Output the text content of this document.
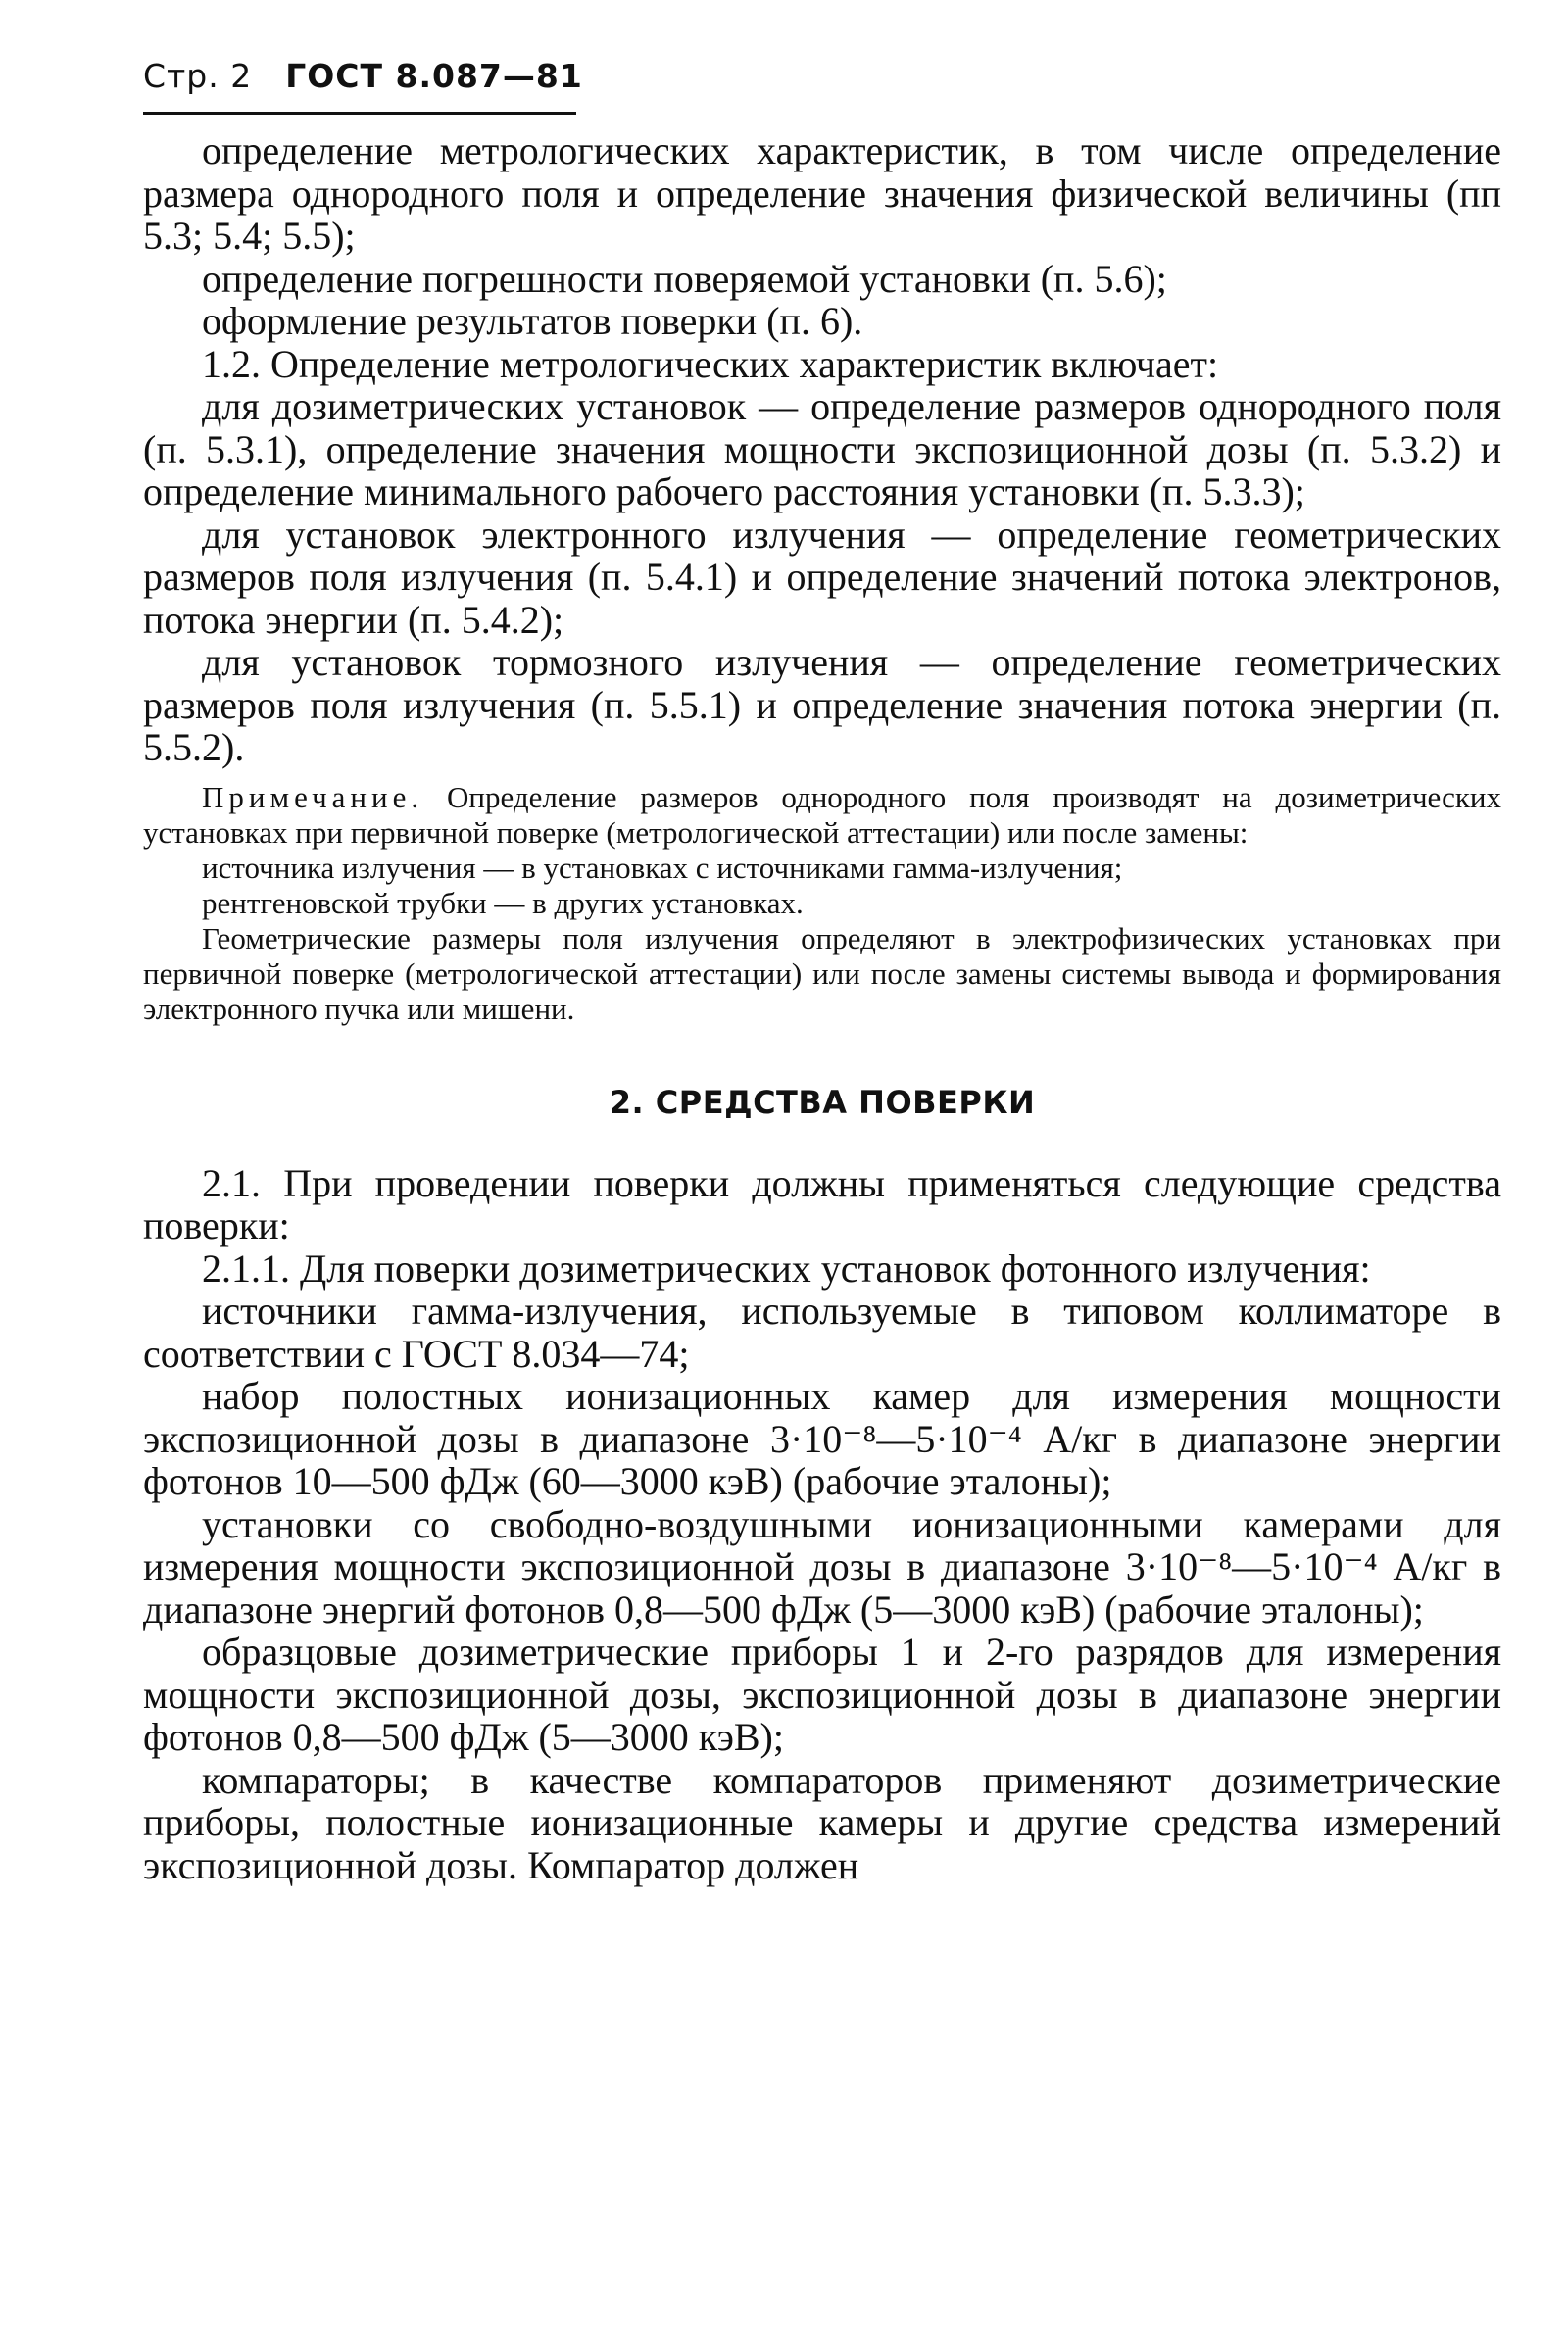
Стр. 2 ГОСТ 8.087—81

определение метрологических характеристик, в том числе определение размера однородного поля и определение значения физической величины (пп 5.3; 5.4; 5.5);

определение погрешности поверяемой установки (п. 5.6);

оформление результатов поверки (п. 6).

1.2. Определение метрологических характеристик включает:

для дозиметрических установок — определение размеров однородного поля (п. 5.3.1), определение значения мощности экспозиционной дозы (п. 5.3.2) и определение минимального рабочего расстояния установки (п. 5.3.3);

для установок электронного излучения — определение геометрических размеров поля излучения (п. 5.4.1) и определение значений потока электронов, потока энергии (п. 5.4.2);

для установок тормозного излучения — определение геометрических размеров поля излучения (п. 5.5.1) и определение значения потока энергии (п. 5.5.2).

Примечание. Определение размеров однородного поля производят на дозиметрических установках при первичной поверке (метрологической аттестации) или после замены:

источника излучения — в установках с источниками гамма-излучения;

рентгеновской трубки — в других установках.

Геометрические размеры поля излучения определяют в электрофизических установках при первичной поверке (метрологической аттестации) или после замены системы вывода и формирования электронного пучка или мишени.

2. СРЕДСТВА ПОВЕРКИ

2.1. При проведении поверки должны применяться следующие средства поверки:

2.1.1. Для поверки дозиметрических установок фотонного излучения:

источники гамма-излучения, используемые в типовом коллиматоре в соответствии с ГОСТ 8.034—74;

набор полостных ионизационных камер для измерения мощности экспозиционной дозы в диапазоне 3·10⁻⁸—5·10⁻⁴ А/кг в диапазоне энергии фотонов 10—500 фДж (60—3000 кэВ) (рабочие эталоны);

установки со свободно-воздушными ионизационными камерами для измерения мощности экспозиционной дозы в диапазоне 3·10⁻⁸—5·10⁻⁴ А/кг в диапазоне энергий фотонов 0,8—500 фДж (5—3000 кэВ) (рабочие эталоны);

образцовые дозиметрические приборы 1 и 2-го разрядов для измерения мощности экспозиционной дозы, экспозиционной дозы в диапазоне энергии фотонов 0,8—500 фДж (5—3000 кэВ);

компараторы; в качестве компараторов применяют дозиметрические приборы, полостные ионизационные камеры и другие средства измерений экспозиционной дозы. Компаратор должен
